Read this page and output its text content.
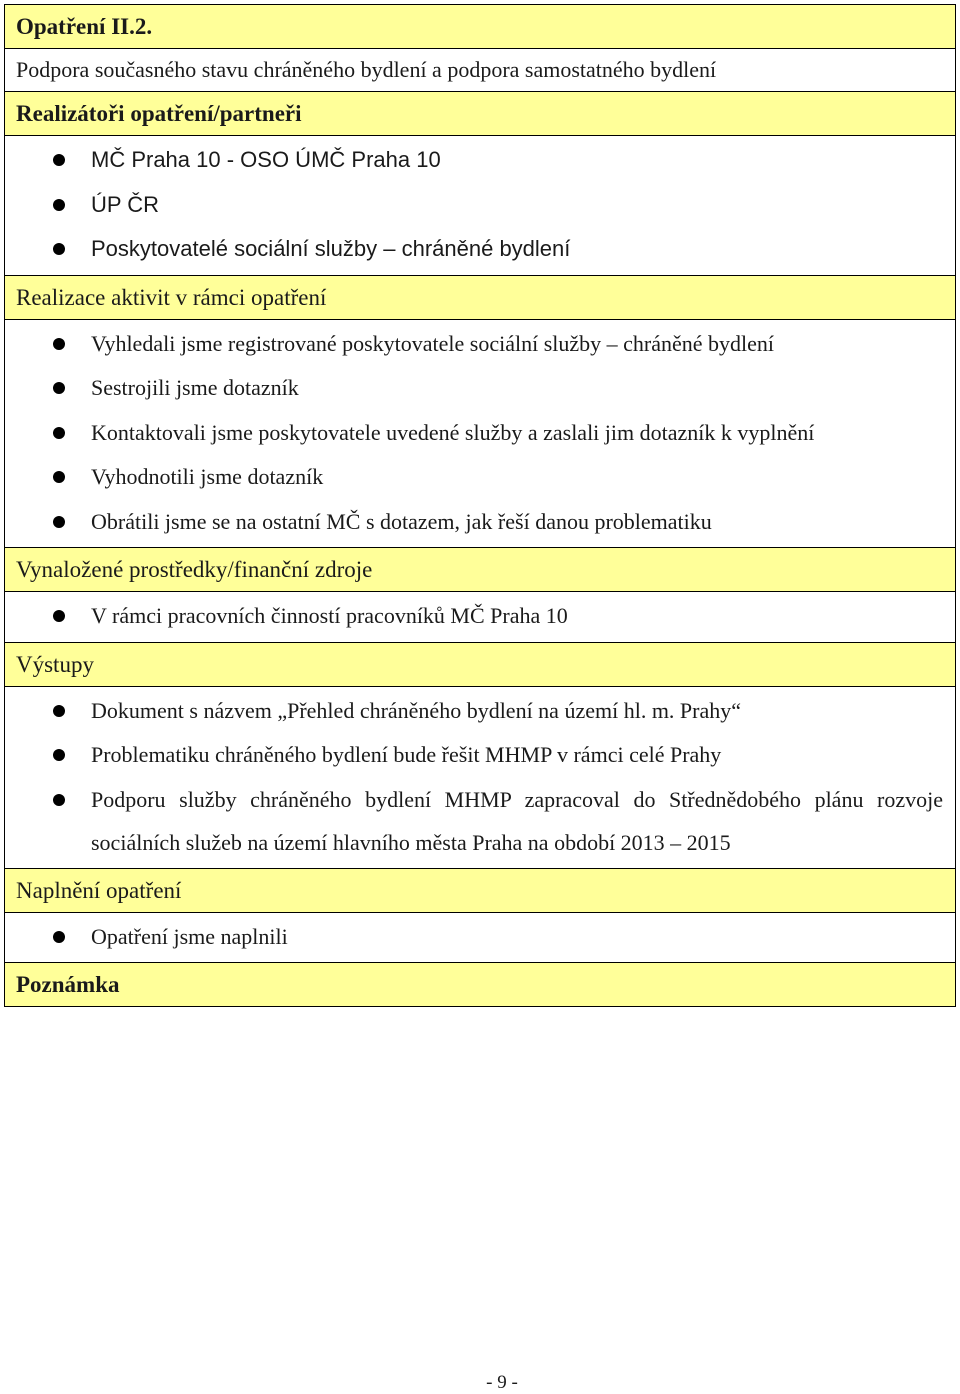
Opatření II.2.
Podpora současného stavu chráněného bydlení a podpora samostatného bydlení
Realizátoři opatření/partneři
MČ Praha 10 - OSO ÚMČ Praha 10
ÚP ČR
Poskytovatelé sociální služby – chráněné bydlení
Realizace aktivit v rámci opatření
Vyhledali jsme registrované poskytovatele sociální služby – chráněné bydlení
Sestrojili jsme dotazník
Kontaktovali jsme poskytovatele uvedené služby a zaslali jim dotazník k vyplnění
Vyhodnotili jsme dotazník
Obrátili jsme se na ostatní MČ s dotazem, jak řeší danou problematiku
Vynaložené prostředky/finanční zdroje
V rámci pracovních činností pracovníků MČ Praha 10
Výstupy
Dokument s názvem „Přehled chráněného bydlení na území hl. m. Prahy“
Problematiku chráněného bydlení bude řešit MHMP v rámci celé Prahy
Podporu služby chráněného bydlení MHMP zapracoval do Střednědobého plánu rozvoje sociálních služeb na území hlavního města Praha na období 2013 – 2015
Naplnění opatření
Opatření jsme naplnili
Poznámka
- 9 -
